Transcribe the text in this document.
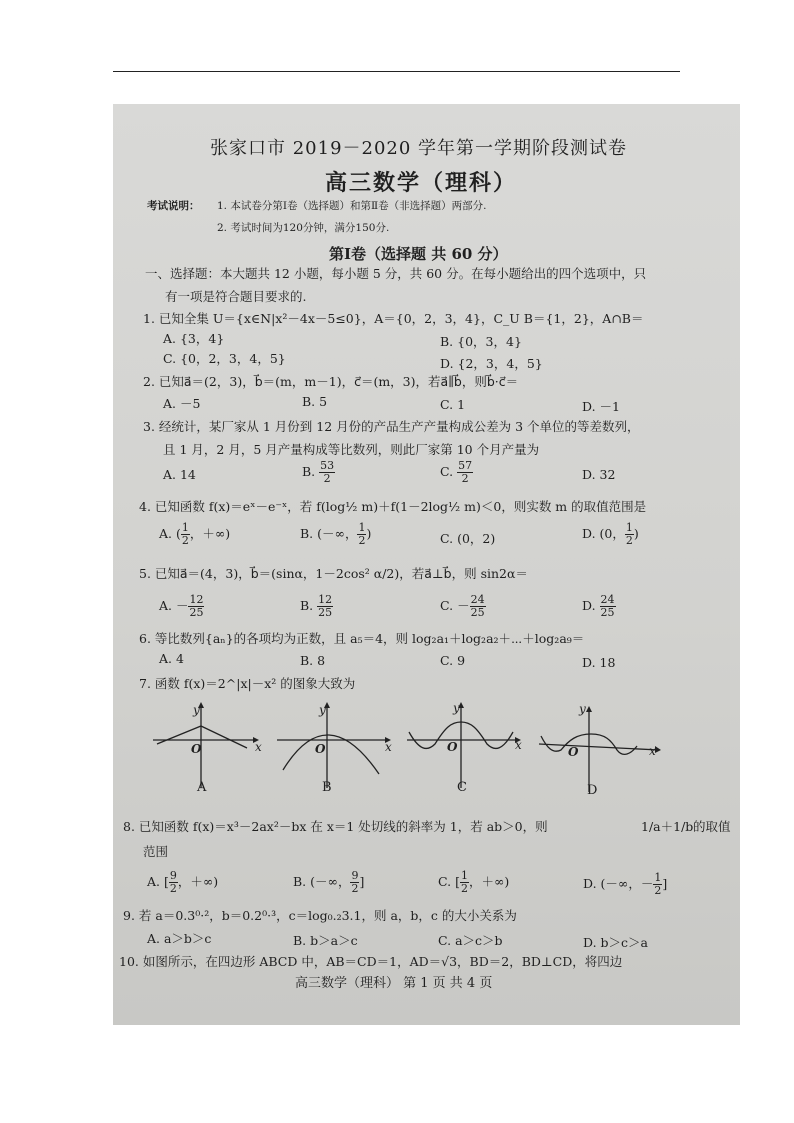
张家口市 2019－2020 学年第一学期阶段测试卷
高三数学（理科）
考试说明： 1. 本试卷分第Ⅰ卷（选择题）和第Ⅱ卷（非选择题）两部分.
2. 考试时间为120分钟，满分150分.
第Ⅰ卷（选择题 共 60 分）
一、选择题：本大题共 12 小题，每小题 5 分，共 60 分。在每小题给出的四个选项中，只
有一项是符合题目要求的.
1. 已知全集 U＝{x∈N|x²－4x－5≤0}，A＝{0，2，3，4}，C_U B＝{1，2}，A∩B＝
A. {3，4}	B. {0，3，4}
C. {0，2，3，4，5}	D. {2，3，4，5}
2. 已知a⃗＝(2，3)，b⃗＝(m，m－1)，c⃗＝(m，3)，若a⃗∥b⃗，则b⃗·c⃗＝
A. －5	B. 5	C. 1	D. －1
3. 经统计，某厂家从 1 月份到 12 月份的产品生产产量构成公差为 3 个单位的等差数列，
且 1 月，2 月，5 月产量构成等比数列，则此厂家第 10 个月产量为
A. 14	B. $\frac{53}{2}$	C. $\frac{57}{2}$	D. 32
4. 已知函数 f(x)＝eˣ－e⁻ˣ，若 f(log½ m)＋f(1－2log½ m)＜0，则实数 m 的取值范围是
A. ( $\frac{1}{2}$ ，＋∞)	B. (－∞， $\frac{1}{2}$ )	C. (0，2)	D. (0， $\frac{1}{2}$ )
5. 已知a⃗＝(4，3)，b⃗＝(sinα，1－2cos² α/2)，若a⃗⊥b⃗，则 sin2α＝
A. － $\frac{12}{25}$	B. $\frac{12}{25}$	C. － $\frac{24}{25}$	D. $\frac{24}{25}$
6. 等比数列{aₙ}的各项均为正数，且 a₅＝4，则 log₂a₁＋log₂a₂＋⋯＋log₂a₉＝
A. 4	B. 8	C. 9	D. 18
7. 函数 f(x)＝2^|x|－x² 的图象大致为
y
O	x
A
y
O	x
B
y
O	x
C
y
O	x
D
8. 已知函数 f(x)＝x³－2ax²－bx 在 x＝1 处切线的斜率为 1，若 ab＞0，则	1/a＋1/b 的取值
范围
A. [ $\frac{9}{2}$ ，＋∞)	B. (－∞， $\frac{9}{2}$ ]	C. [ $\frac{1}{2}$ ，＋∞)	D. (－∞，－ $\frac{1}{2}$ ]
9. 若 a＝0.3⁰·²，b＝0.2⁰·³，c＝log₀.₂3.1，则 a，b，c 的大小关系为
A. a＞b＞c	B. b＞a＞c	C. a＞c＞b	D. b＞c＞a
10. 如图所示，在四边形 ABCD 中，AB＝CD＝1，AD＝√3，BD＝2，BD⊥CD，将四边
高三数学（理科） 第 1 页 共 4 页
